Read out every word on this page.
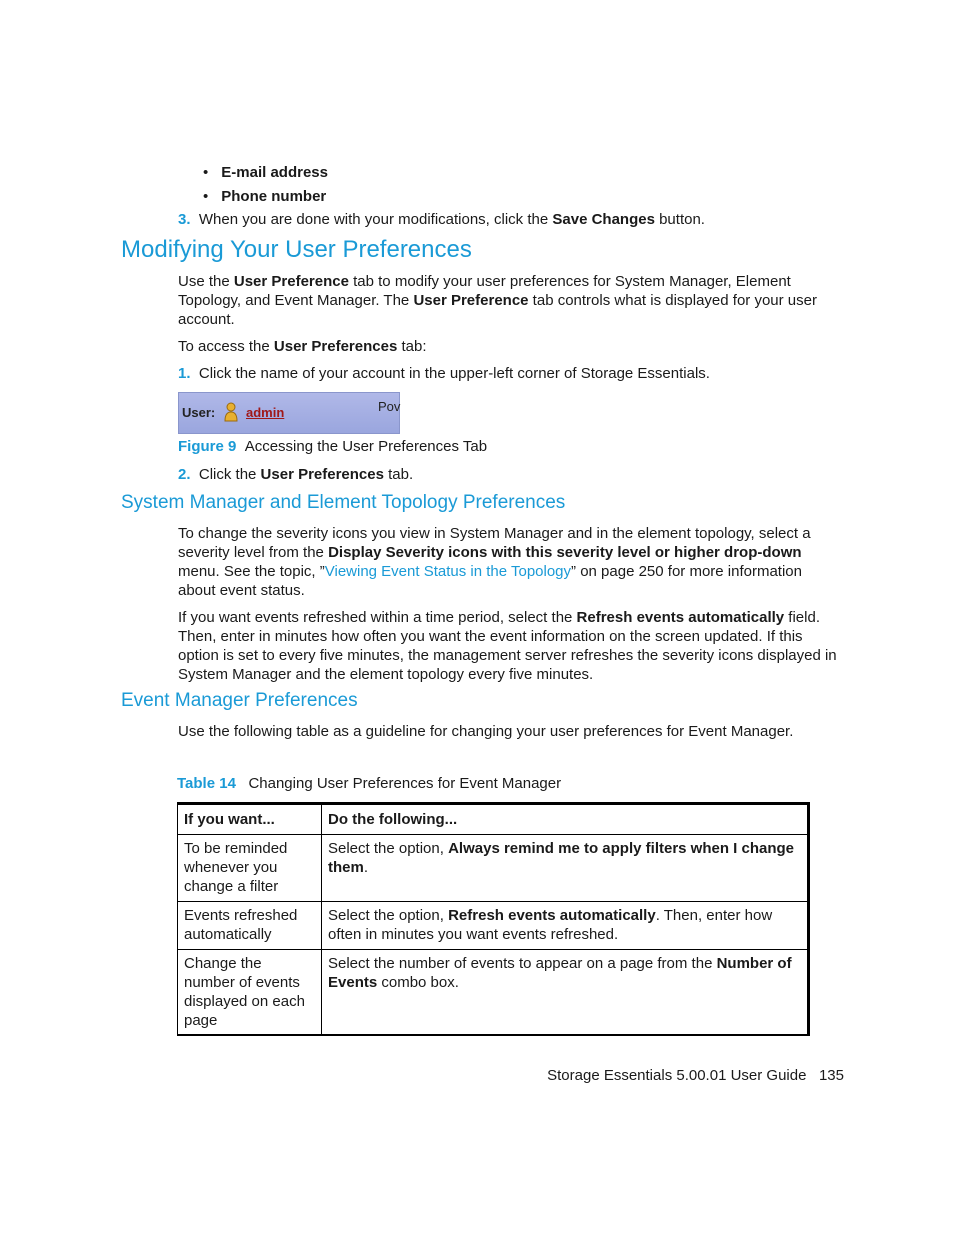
• E-mail address
• Phone number
3. When you are done with your modifications, click the Save Changes button.
Modifying Your User Preferences
Use the User Preference tab to modify your user preferences for System Manager, Element Topology, and Event Manager. The User Preference tab controls what is displayed for your user account.
To access the User Preferences tab:
1. Click the name of your account in the upper-left corner of Storage Essentials.
User: admin	Pov
Figure 9 Accessing the User Preferences Tab
2. Click the User Preferences tab.
System Manager and Element Topology Preferences
To change the severity icons you view in System Manager and in the element topology, select a severity level from the Display Severity icons with this severity level or higher drop-down menu. See the topic, ”Viewing Event Status in the Topology” on page 250 for more information about event status.
If you want events refreshed within a time period, select the Refresh events automatically field. Then, enter in minutes how often you want the event information on the screen updated. If this option is set to every five minutes, the management server refreshes the severity icons displayed in System Manager and the element topology every five minutes.
Event Manager Preferences
Use the following table as a guideline for changing your user preferences for Event Manager.
Table 14 Changing User Preferences for Event Manager
If you want...	Do the following...
To be reminded whenever you change a filter	Select the option, Always remind me to apply filters when I change them.
Events refreshed automatically	Select the option, Refresh events automatically. Then, enter how often in minutes you want events refreshed.
Change the number of events displayed on each page	Select the number of events to appear on a page from the Number of Events combo box.
Storage Essentials 5.00.01 User Guide 135
